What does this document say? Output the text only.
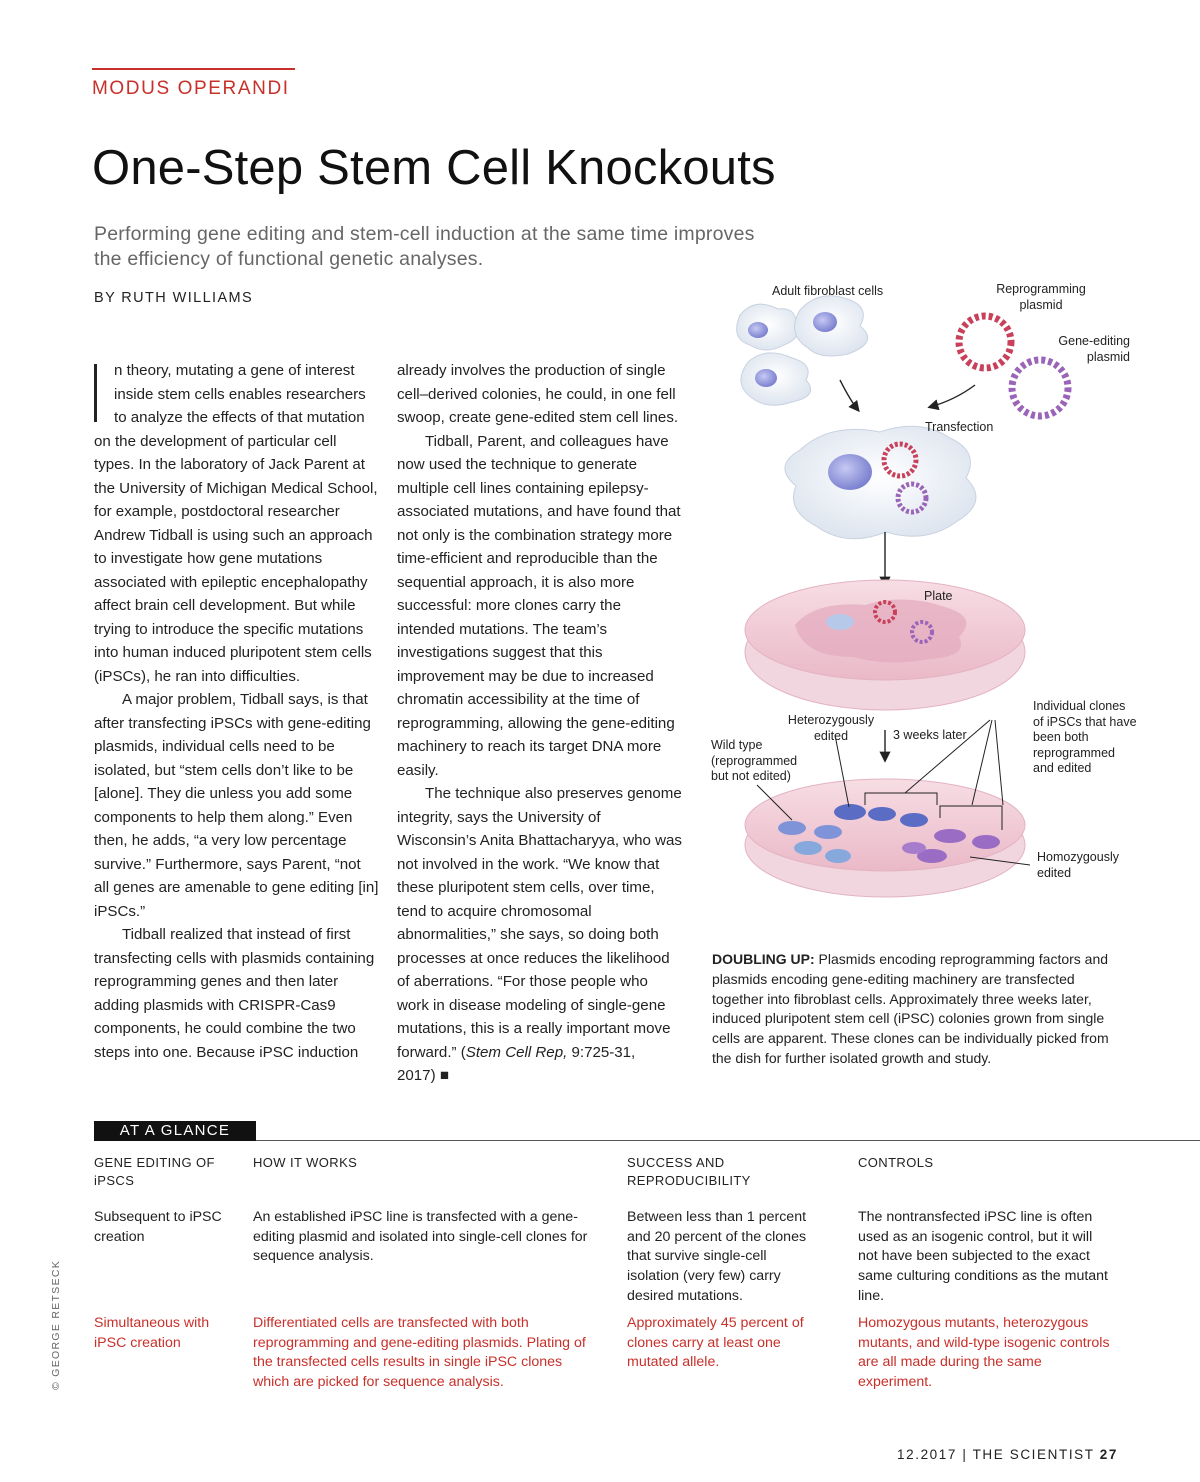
MODUS OPERANDI
One-Step Stem Cell Knockouts
Performing gene editing and stem-cell induction at the same time improves the efficiency of functional genetic analyses.
BY RUTH WILLIAMS

n theory, mutating a gene of interest inside stem cells enables researchers to analyze the effects of that mutation on the development of particular cell types. In the laboratory of Jack Parent at the University of Michigan Medical School, for example, postdoctoral researcher Andrew Tidball is using such an approach to investigate how gene mutations associated with epileptic encephalopathy affect brain cell development. But while trying to introduce the specific mutations into human induced pluripotent stem cells (iPSCs), he ran into difficulties.

A major problem, Tidball says, is that after transfecting iPSCs with gene-editing plasmids, individual cells need to be isolated, but “stem cells don’t like to be [alone]. They die unless you add some components to help them along.” Even then, he adds, “a very low percentage survive.” Furthermore, says Parent, “not all genes are amenable to gene editing [in] iPSCs.”

Tidball realized that instead of first transfecting cells with plasmids containing reprogramming genes and then later adding plasmids with CRISPR-Cas9 components, he could combine the two steps into one. Because iPSC induction

already involves the production of single cell–derived colonies, he could, in one fell swoop, create gene-edited stem cell lines.

Tidball, Parent, and colleagues have now used the technique to generate multiple cell lines containing epilepsy-associated mutations, and have found that not only is the combination strategy more time-efficient and reproducible than the sequential approach, it is also more successful: more clones carry the intended mutations. The team’s investigations suggest that this improvement may be due to increased chromatin accessibility at the time of reprogramming, allowing the gene-editing machinery to reach its target DNA more easily.

The technique also preserves genome integrity, says the University of Wisconsin’s Anita Bhattacharyya, who was not involved in the work. “We know that these pluripotent stem cells, over time, tend to acquire chromosomal abnormalities,” she says, so doing both processes at once reduces the likelihood of aberrations. “For those people who work in disease modeling of single-gene mutations, this is a really important move forward.” (Stem Cell Rep, 9:725-31, 2017) ■

Adult fibroblast cells	Reprogramming plasmid
Gene-editing plasmid
Transfection
Plate
3 weeks later
Heterozygously edited
Wild type (reprogrammed but not edited)
Individual clones of iPSCs that have been both reprogrammed and edited
Homozygously edited
DOUBLING UP: Plasmids encoding reprogramming factors and plasmids encoding gene-editing machinery are transfected together into fibroblast cells. Approximately three weeks later, induced pluripotent stem cell (iPSC) colonies grown from single cells are apparent. These clones can be individually picked from the dish for further isolated growth and study.
AT A GLANCE
GENE EDITING OF iPSCS
HOW IT WORKS	SUCCESS AND REPRODUCIBILITY
CONTROLS
Subsequent to iPSC creation
An established iPSC line is transfected with a gene-editing plasmid and isolated into single-cell clones for sequence analysis.
Between less than 1 percent and 20 percent of the clones that survive single-cell isolation (very few) carry desired mutations.
The nontransfected iPSC line is often used as an isogenic control, but it will not have been subjected to the exact same culturing conditions as the mutant line.
Simultaneous with iPSC creation
Differentiated cells are transfected with both reprogramming and gene-editing plasmids. Plating of the transfected cells results in single iPSC clones which are picked for sequence analysis.
Approximately 45 percent of clones carry at least one mutated allele.
Homozygous mutants, heterozygous mutants, and wild-type isogenic controls are all made during the same experiment.
© GEORGE RETSECK
12.2017 | THE SCIENTIST 27
